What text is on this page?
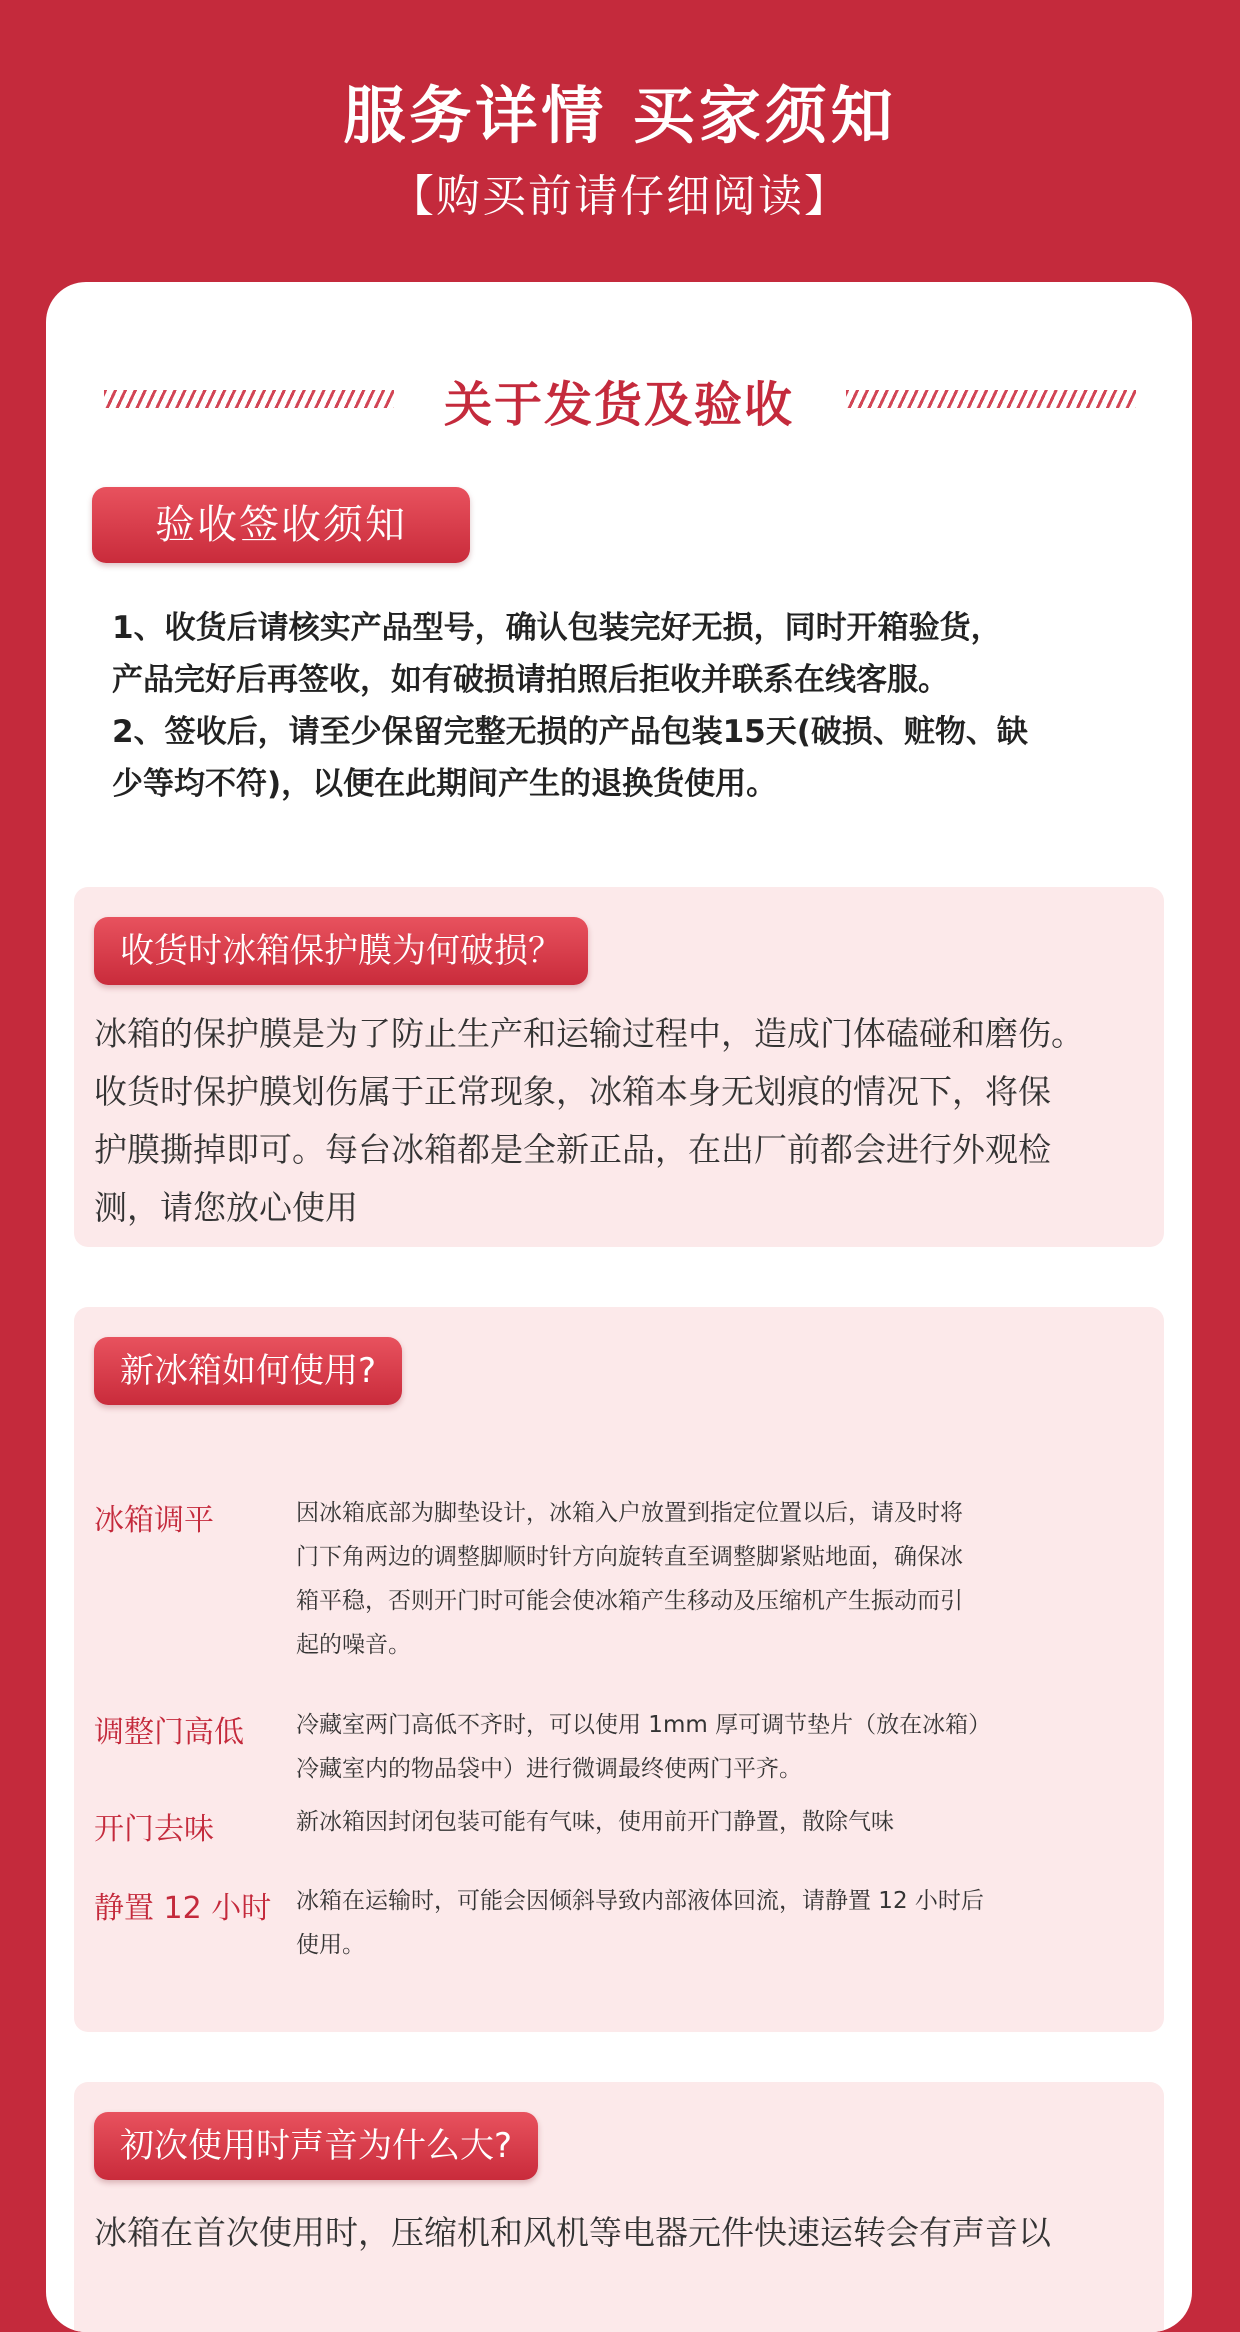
服务详情 买家须知
【购买前请仔细阅读】
关于发货及验收
验收签收须知

1、收货后请核实产品型号，确认包装完好无损，同时开箱验货，

产品完好后再签收，如有破损请拍照后拒收并联系在线客服。

2、签收后，请至少保留完整无损的产品包装15天(破损、赃物、缺

少等均不符)，以便在此期间产生的退换货使用。

收货时冰箱保护膜为何破损？

冰箱的保护膜是为了防止生产和运输过程中，造成门体磕碰和磨伤。

收货时保护膜划伤属于正常现象，冰箱本身无划痕的情况下，将保

护膜撕掉即可。每台冰箱都是全新正品，在出厂前都会进行外观检

测，请您放心使用

新冰箱如何使用?
冰箱调平	因冰箱底部为脚垫设计，冰箱入户放置到指定位置以后，请及时将

门下角两边的调整脚顺时针方向旋转直至调整脚紧贴地面，确保冰

箱平稳，否则开门时可能会使冰箱产生移动及压缩机产生振动而引

起的噪音。

调整门高低 冷藏室两门高低不齐时，可以使用 1mm 厚可调节垫片（放在冰箱）

冷藏室内的物品袋中）进行微调最终使两门平齐。

开门去味	新冰箱因封闭包装可能有气味，使用前开门静置，散除气味

静置 12 小时 冰箱在运输时，可能会因倾斜导致内部液体回流，请静置 12 小时后

使用。

初次使用时声音为什么大?
冰箱在首次使用时，压缩机和风机等电器元件快速运转会有声音以
